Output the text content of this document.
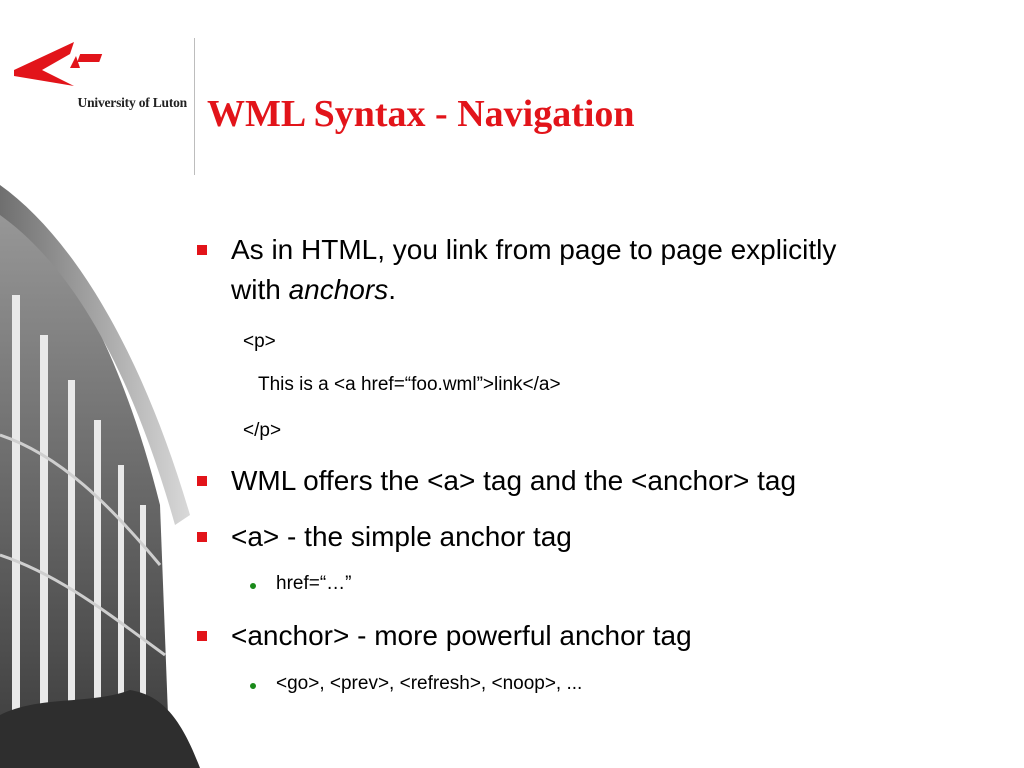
University of Luton WML Syntax - Navigation
As in HTML, you link from page to page explicitly
with anchors.
<p>
This is a <a href=“foo.wml”>link</a>
</p>
WML offers the <a> tag and the <anchor> tag
<a> - the simple anchor tag
href=“…”
<anchor> - more powerful anchor tag
<go>, <prev>, <refresh>, <noop>, ...
